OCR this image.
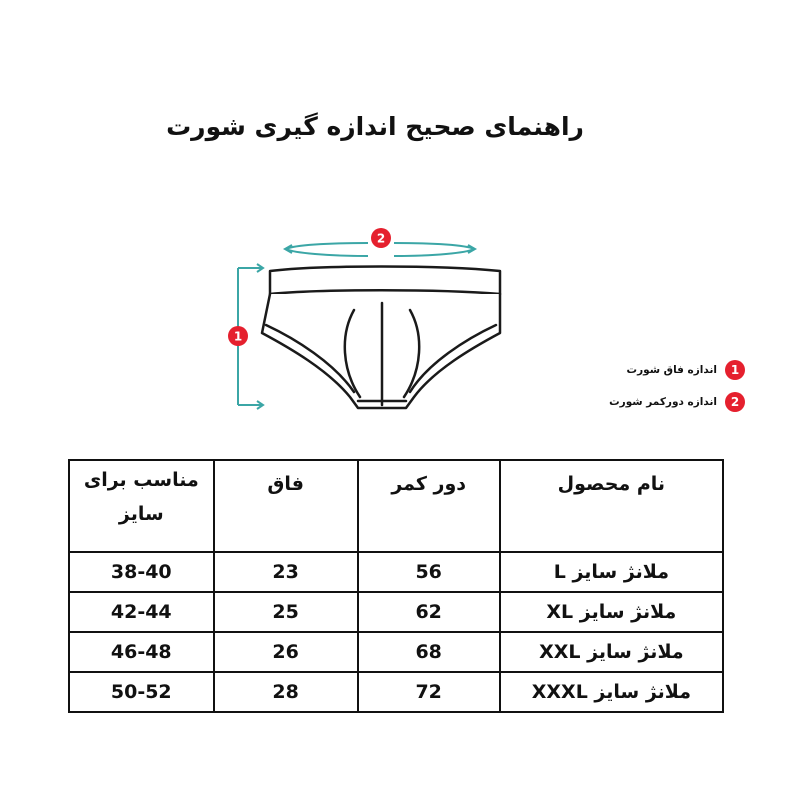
راهنمای صحیح اندازه گیری شورت
1
2
1
اندازه فاق شورت
2
اندازه دورکمر شورت
مناسب برای سایز	فاق	دور کمر	نام محصول
38-40	23	56	ملانژ سایز L
42-44	25	62	ملانژ سایز XL
46-48	26	68	ملانژ سایز XXL
50-52	28	72	ملانژ سایز XXXL
